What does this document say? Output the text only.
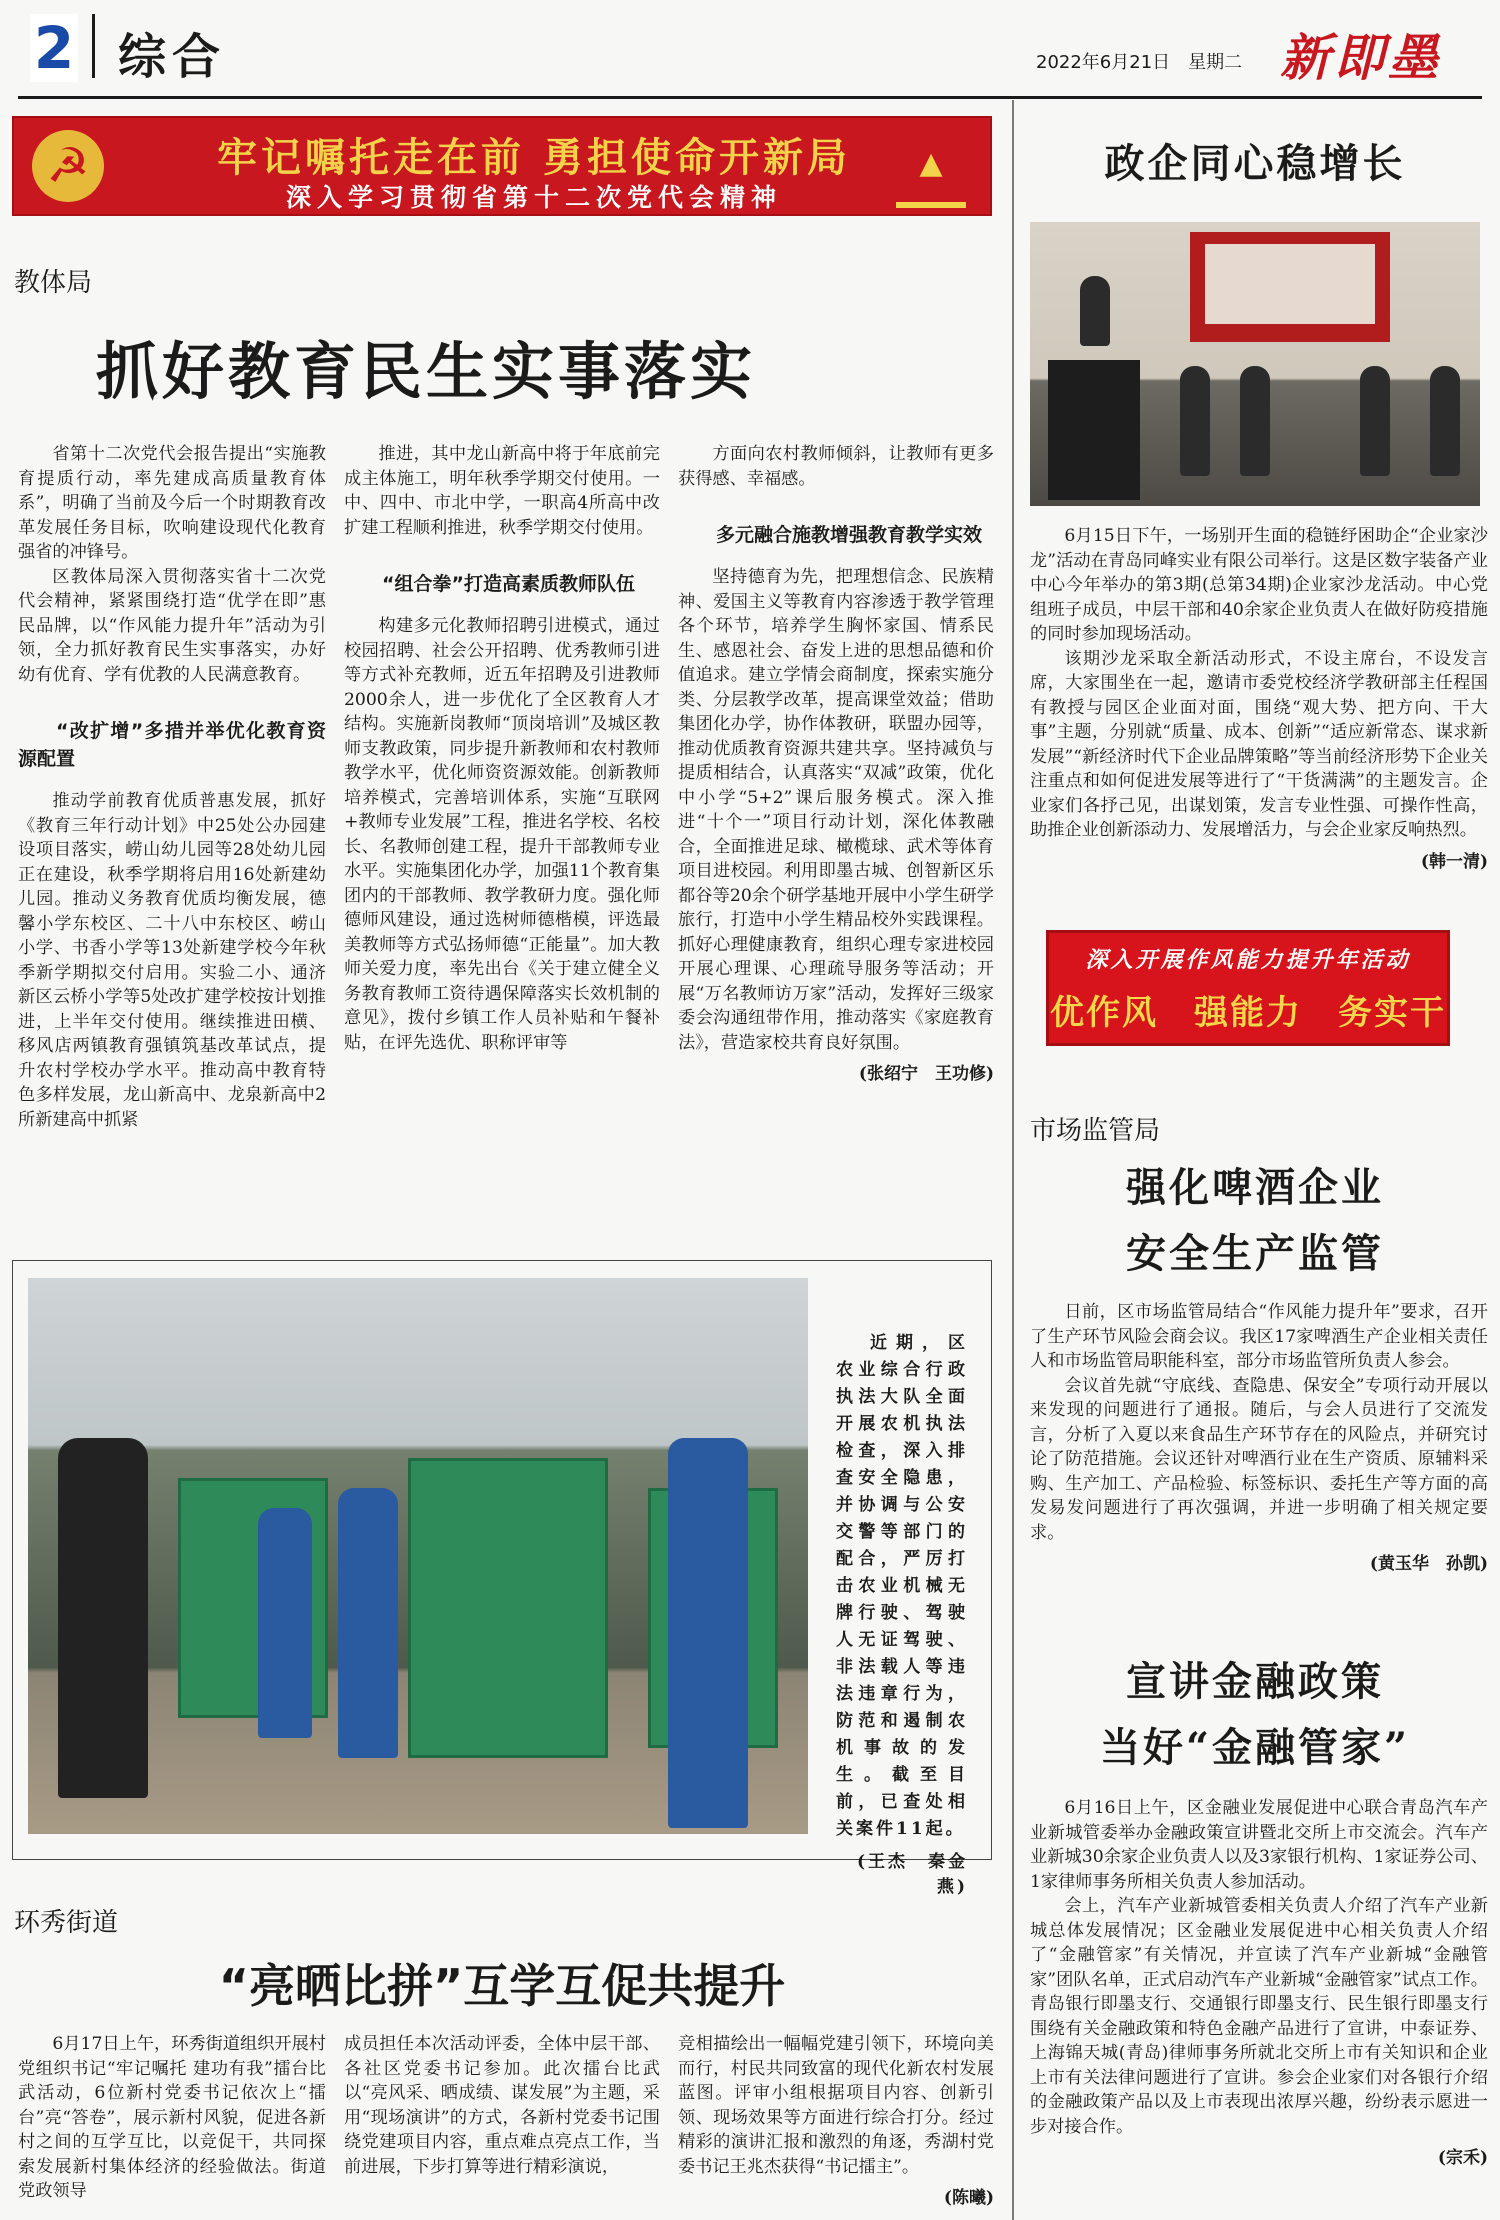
2 综合	2022年6月21日　星期二 新即墨
☭	牢记嘱托走在前 勇担使命开新局
深入学习贯彻省第十二次党代会精神
▲
教体局
抓好教育民生实事落实

省第十二次党代会报告提出“实施教育提质行动，率先建成高质量教育体系”，明确了当前及今后一个时期教育改革发展任务目标，吹响建设现代化教育强省的冲锋号。

区教体局深入贯彻落实省十二次党代会精神，紧紧围绕打造“优学在即”惠民品牌，以“作风能力提升年”活动为引领，全力抓好教育民生实事落实，办好幼有优育、学有优教的人民满意教育。

“改扩增”多措并举优化教育资源配置

推动学前教育优质普惠发展，抓好《教育三年行动计划》中25处公办园建设项目落实，崂山幼儿园等28处幼儿园正在建设，秋季学期将启用16处新建幼儿园。推动义务教育优质均衡发展，德馨小学东校区、二十八中东校区、崂山小学、书香小学等13处新建学校今年秋季新学期拟交付启用。实验二小、通济新区云桥小学等5处改扩建学校按计划推进，上半年交付使用。继续推进田横、移风店两镇教育强镇筑基改革试点，提升农村学校办学水平。推动高中教育特色多样发展，龙山新高中、龙泉新高中2所新建高中抓紧

推进，其中龙山新高中将于年底前完成主体施工，明年秋季学期交付使用。一中、四中、市北中学，一职高4所高中改扩建工程顺利推进，秋季学期交付使用。

“组合拳”打造高素质教师队伍

构建多元化教师招聘引进模式，通过校园招聘、社会公开招聘、优秀教师引进等方式补充教师，近五年招聘及引进教师2000余人，进一步优化了全区教育人才结构。实施新岗教师“顶岗培训”及城区教师支教政策，同步提升新教师和农村教师教学水平，优化师资资源效能。创新教师培养模式，完善培训体系，实施“互联网+教师专业发展”工程，推进名学校、名校长、名教师创建工程，提升干部教师专业水平。实施集团化办学，加强11个教育集团内的干部教师、教学教研力度。强化师德师风建设，通过选树师德楷模，评选最美教师等方式弘扬师德“正能量”。加大教师关爱力度，率先出台《关于建立健全义务教育教师工资待遇保障落实长效机制的意见》，拨付乡镇工作人员补贴和午餐补贴，在评先选优、职称评审等

方面向农村教师倾斜，让教师有更多获得感、幸福感。

多元融合施教增强教育教学实效

坚持德育为先，把理想信念、民族精神、爱国主义等教育内容渗透于教学管理各个环节，培养学生胸怀家国、情系民生、感恩社会、奋发上进的思想品德和价值追求。建立学情会商制度，探索实施分类、分层教学改革，提高课堂效益；借助集团化办学，协作体教研，联盟办园等，推动优质教育资源共建共享。坚持减负与提质相结合，认真落实“双减”政策，优化中小学“5+2”课后服务模式。深入推进“十个一”项目行动计划，深化体教融合，全面推进足球、橄榄球、武术等体育项目进校园。利用即墨古城、创智新区乐都谷等20余个研学基地开展中小学生研学旅行，打造中小学生精品校外实践课程。抓好心理健康教育，组织心理专家进校园开展心理课、心理疏导服务等活动；开展“万名教师访万家”活动，发挥好三级家委会沟通纽带作用，推动落实《家庭教育法》，营造家校共育良好氛围。

(张绍宁　王功修)

近期，区农业综合行政执法大队全面开展农机执法检查，深入排查安全隐患，并协调与公安交警等部门的配合，严厉打击农业机械无牌行驶、驾驶人无证驾驶、非法载人等违法违章行为，防范和遏制农机事故的发生。截至目前，已查处相关案件11起。

(王杰　秦金燕)
环秀街道
“亮晒比拼”互学互促共提升

6月17日上午，环秀街道组织开展村党组织书记“牢记嘱托 建功有我”擂台比武活动，6位新村党委书记依次上“擂台”亮“答卷”，展示新村风貌，促进各新村之间的互学互比，以竞促干，共同探索发展新村集体经济的经验做法。街道党政领导

成员担任本次活动评委，全体中层干部、各社区党委书记参加。此次擂台比武以“亮风采、晒成绩、谋发展”为主题，采用“现场演讲”的方式，各新村党委书记围绕党建项目内容，重点难点亮点工作，当前进展，下步打算等进行精彩演说，

竞相描绘出一幅幅党建引领下，环境向美而行，村民共同致富的现代化新农村发展蓝图。评审小组根据项目内容、创新引领、现场效果等方面进行综合打分。经过精彩的演讲汇报和激烈的角逐，秀湖村党委书记王兆杰获得“书记擂主”。

(陈曦)
政企同心稳增长

6月15日下午，一场别开生面的稳链纾困助企“企业家沙龙”活动在青岛同峰实业有限公司举行。这是区数字装备产业中心今年举办的第3期(总第34期)企业家沙龙活动。中心党组班子成员，中层干部和40余家企业负责人在做好防疫措施的同时参加现场活动。

该期沙龙采取全新活动形式，不设主席台，不设发言席，大家围坐在一起，邀请市委党校经济学教研部主任程国有教授与园区企业面对面，围绕“观大势、把方向、干大事”主题，分别就“质量、成本、创新”“适应新常态、谋求新发展”“新经济时代下企业品牌策略”等当前经济形势下企业关注重点和如何促进发展等进行了“干货满满”的主题发言。企业家们各抒己见，出谋划策，发言专业性强、可操作性高，助推企业创新添动力、发展增活力，与会企业家反响热烈。

(韩一清)
深入开展作风能力提升年活动
优作风　强能力　务实干
市场监管局
强化啤酒企业
安全生产监管

日前，区市场监管局结合“作风能力提升年”要求，召开了生产环节风险会商会议。我区17家啤酒生产企业相关责任人和市场监管局职能科室，部分市场监管所负责人参会。

会议首先就“守底线、查隐患、保安全”专项行动开展以来发现的问题进行了通报。随后，与会人员进行了交流发言，分析了入夏以来食品生产环节存在的风险点，并研究讨论了防范措施。会议还针对啤酒行业在生产资质、原辅料采购、生产加工、产品检验、标签标识、委托生产等方面的高发易发问题进行了再次强调，并进一步明确了相关规定要求。

(黄玉华　孙凯)
宣讲金融政策
当好“金融管家”

6月16日上午，区金融业发展促进中心联合青岛汽车产业新城管委举办金融政策宣讲暨北交所上市交流会。汽车产业新城30余家企业负责人以及3家银行机构、1家证券公司、1家律师事务所相关负责人参加活动。

会上，汽车产业新城管委相关负责人介绍了汽车产业新城总体发展情况；区金融业发展促进中心相关负责人介绍了“金融管家”有关情况，并宣读了汽车产业新城“金融管家”团队名单，正式启动汽车产业新城“金融管家”试点工作。青岛银行即墨支行、交通银行即墨支行、民生银行即墨支行围绕有关金融政策和特色金融产品进行了宣讲，中泰证券、上海锦天城(青岛)律师事务所就北交所上市有关知识和企业上市有关法律问题进行了宣讲。参会企业家们对各银行介绍的金融政策产品以及上市表现出浓厚兴趣，纷纷表示愿进一步对接合作。

(宗禾)
